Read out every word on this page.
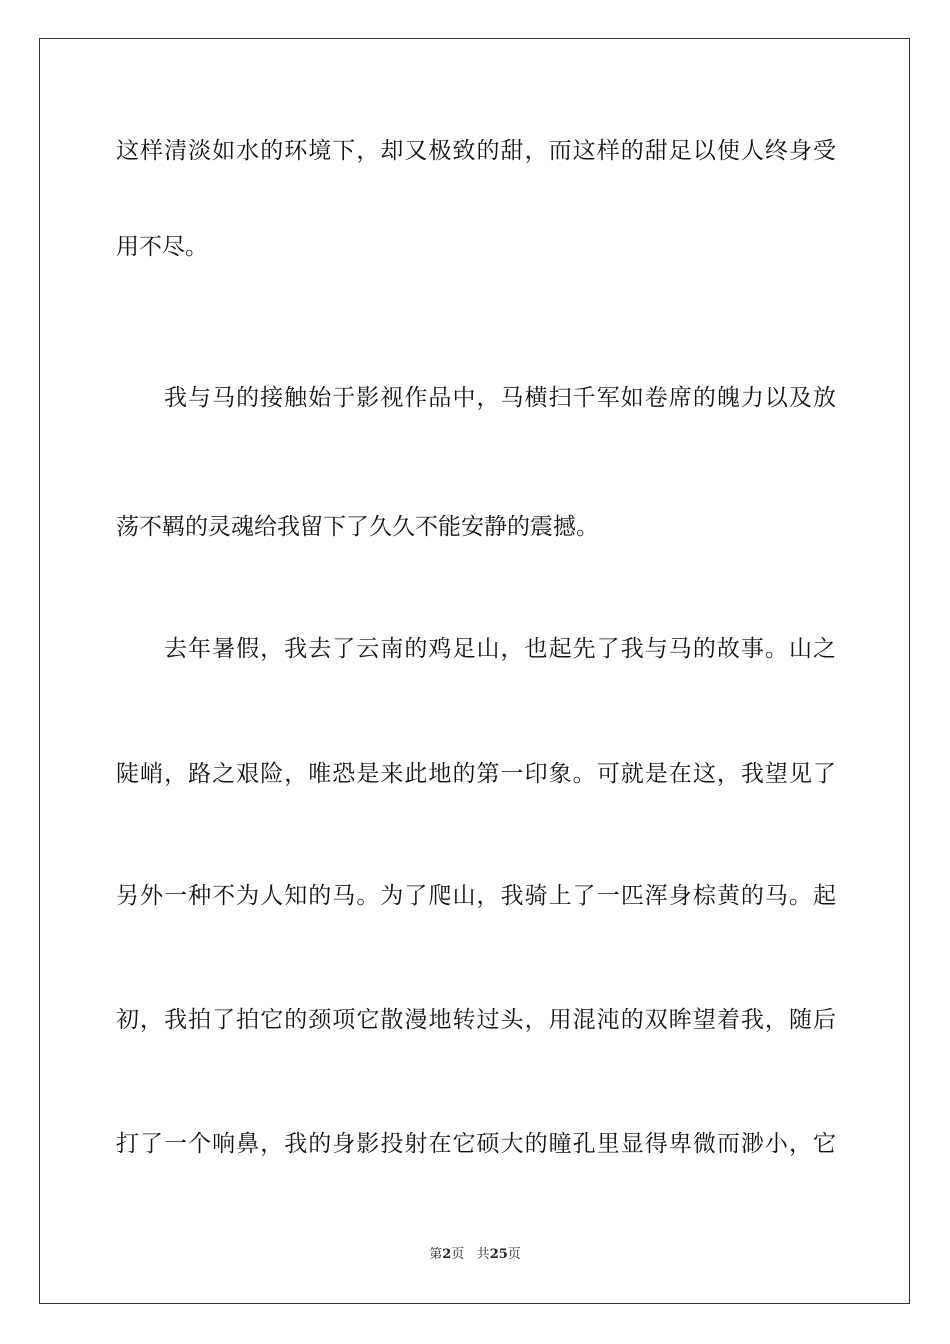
这样清淡如水的环境下，却又极致的甜，而这样的甜足以使人终身受
用不尽。
我与马的接触始于影视作品中，马横扫千军如卷席的魄力以及放
荡不羁的灵魂给我留下了久久不能安静的震撼。
去年暑假，我去了云南的鸡足山，也起先了我与马的故事。山之
陡峭，路之艰险，唯恐是来此地的第一印象。可就是在这，我望见了
另外一种不为人知的马。为了爬山，我骑上了一匹浑身棕黄的马。起
初，我拍了拍它的颈项它散漫地转过头，用混沌的双眸望着我，随后
打了一个响鼻，我的身影投射在它硕大的瞳孔里显得卑微而渺小，它
第2页 共25页
